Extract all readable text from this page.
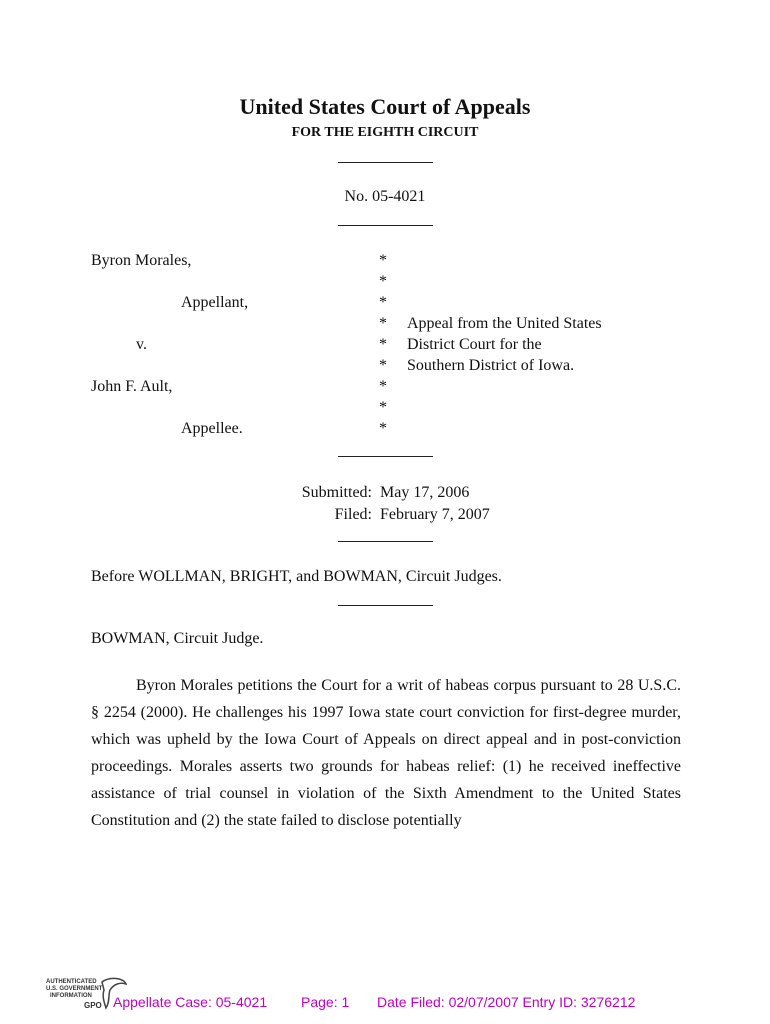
United States Court of Appeals
FOR THE EIGHTH CIRCUIT
No. 05-4021
Byron Morales,
Appellant,
v.
John F. Ault,
Appellee.
*
*
*
*
*
*
*
*
*
Appeal from the United States
District Court for the
Southern District of Iowa.
Submitted: May 17, 2006
Filed: February 7, 2007
Before WOLLMAN, BRIGHT, and BOWMAN, Circuit Judges.
BOWMAN, Circuit Judge.
Byron Morales petitions the Court for a writ of habeas corpus pursuant to 28 U.S.C. § 2254 (2000). He challenges his 1997 Iowa state court conviction for first-degree murder, which was upheld by the Iowa Court of Appeals on direct appeal and in post-conviction proceedings. Morales asserts two grounds for habeas relief: (1) he received ineffective assistance of trial counsel in violation of the Sixth Amendment to the United States Constitution and (2) the state failed to disclose potentially
AUTHENTICATED
U.S. GOVERNMENT
INFORMATION
GPO Appellate Case: 05-4021 Page: 1 Date Filed: 02/07/2007 Entry ID: 3276212
